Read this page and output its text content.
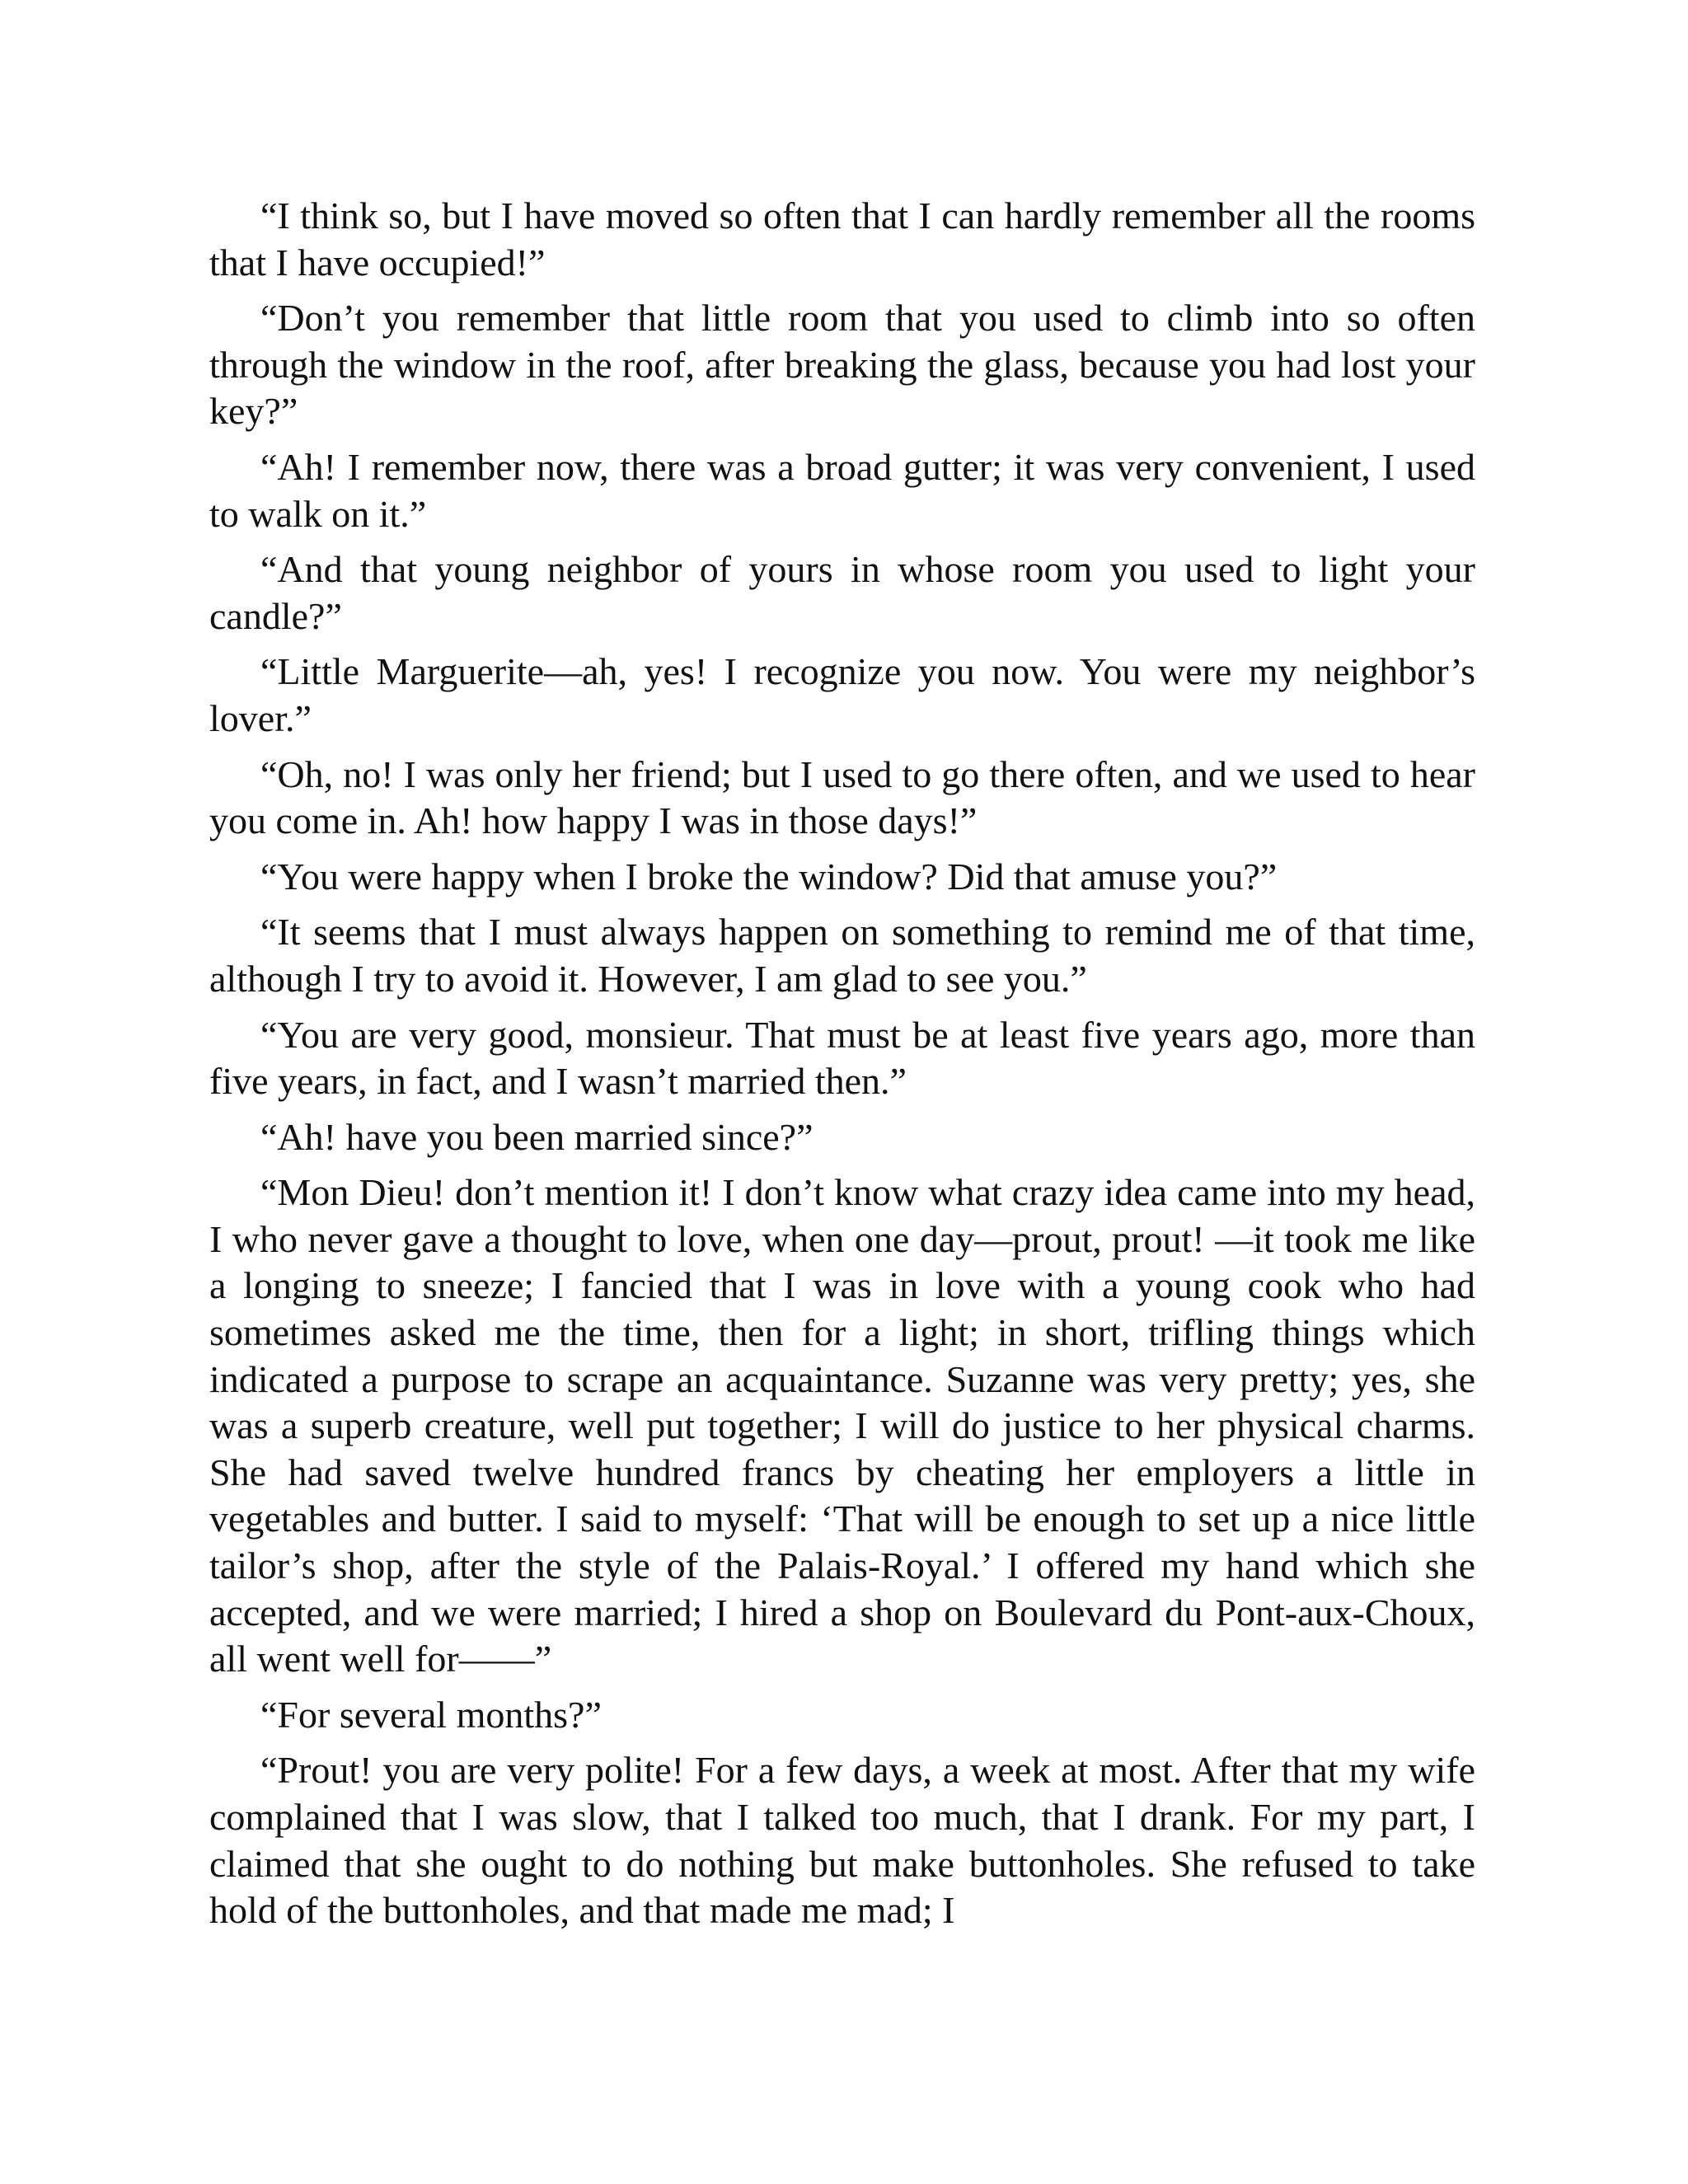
“I think so, but I have moved so often that I can hardly remember all the rooms that I have occupied!”

“Don’t you remember that little room that you used to climb into so often through the window in the roof, after breaking the glass, because you had lost your key?”

“Ah! I remember now, there was a broad gutter; it was very convenient, I used to walk on it.”

“And that young neighbor of yours in whose room you used to light your candle?”

“Little Marguerite—ah, yes! I recognize you now. You were my neighbor’s lover.”

“Oh, no! I was only her friend; but I used to go there often, and we used to hear you come in. Ah! how happy I was in those days!”

“You were happy when I broke the window? Did that amuse you?”

“It seems that I must always happen on something to remind me of that time, although I try to avoid it. However, I am glad to see you.”

“You are very good, monsieur. That must be at least five years ago, more than five years, in fact, and I wasn’t married then.”

“Ah! have you been married since?”

“Mon Dieu! don’t mention it! I don’t know what crazy idea came into my head, I who never gave a thought to love, when one day—prout, prout! —it took me like a longing to sneeze; I fancied that I was in love with a young cook who had sometimes asked me the time, then for a light; in short, trifling things which indicated a purpose to scrape an acquaintance. Suzanne was very pretty; yes, she was a superb creature, well put together; I will do justice to her physical charms. She had saved twelve hundred francs by cheating her employers a little in vegetables and butter. I said to myself: ‘That will be enough to set up a nice little tailor’s shop, after the style of the Palais-Royal.’ I offered my hand which she accepted, and we were married; I hired a shop on Boulevard du Pont-aux-Choux, all went well for——”

“For several months?”

“Prout! you are very polite! For a few days, a week at most. After that my wife complained that I was slow, that I talked too much, that I drank. For my part, I claimed that she ought to do nothing but make buttonholes. She refused to take hold of the buttonholes, and that made me mad; I
